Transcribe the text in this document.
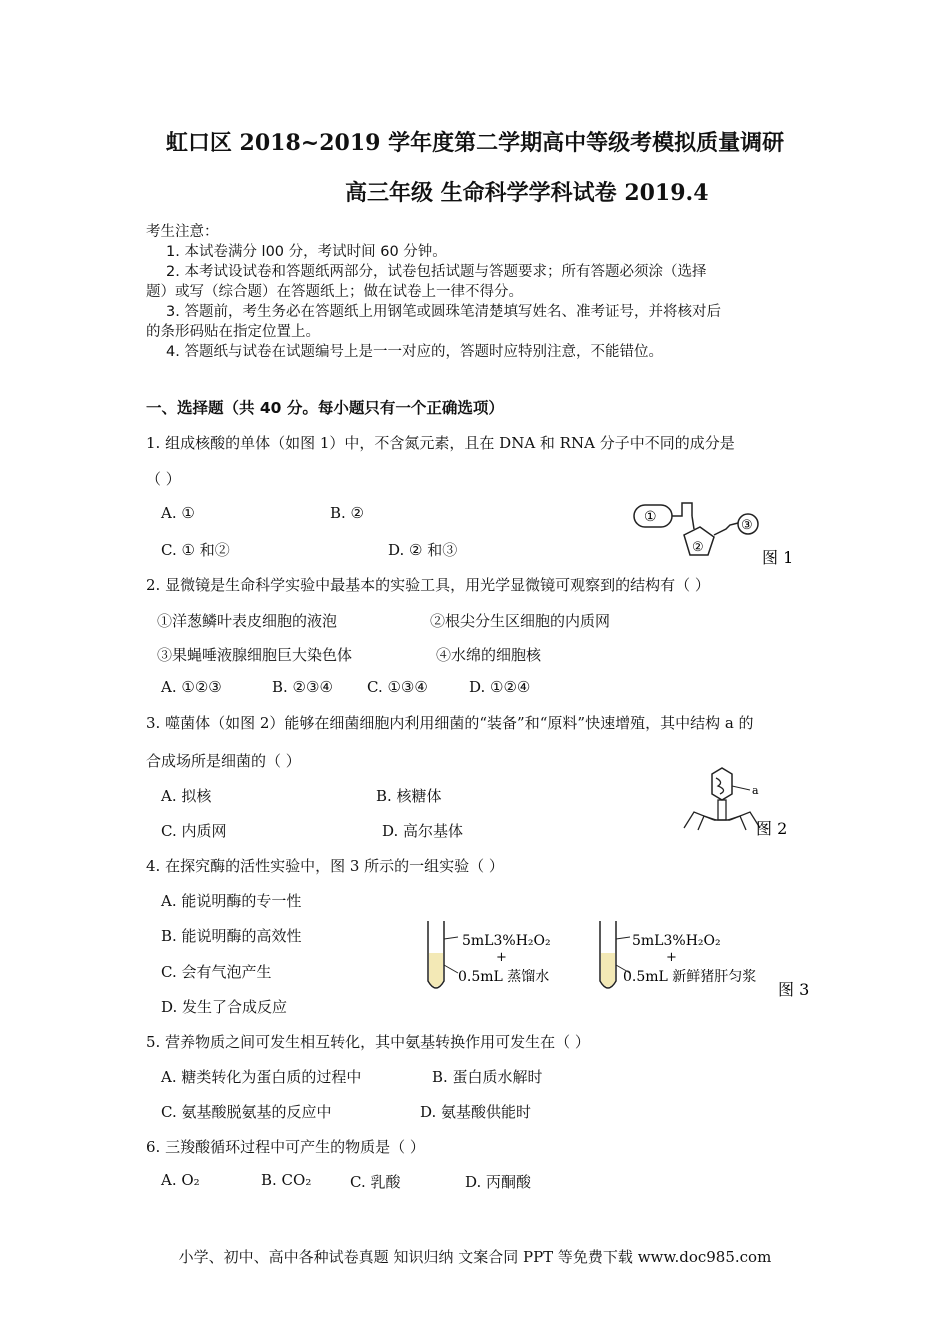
虹口区 2018~2019 学年度第二学期高中等级考模拟质量调研
高三年级 生命科学学科试卷 2019.4
考生注意：
1. 本试卷满分 l00 分，考试时间 60 分钟。
2. 本考试设试卷和答题纸两部分，试卷包括试题与答题要求；所有答题必须涂（选择
题）或写（综合题）在答题纸上；做在试卷上一律不得分。
3. 答题前，考生务必在答题纸上用钢笔或圆珠笔清楚填写姓名、准考证号，并将核对后
的条形码贴在指定位置上。
4. 答题纸与试卷在试题编号上是一一对应的，答题时应特别注意，不能错位。
一、选择题（共 40 分。每小题只有一个正确选项）
1. 组成核酸的单体（如图 1）中，不含氮元素，且在 DNA 和 RNA 分子中不同的成分是
（ ）
A. ①	B. ②
C. ① 和②	D. ② 和③
①
②
③
图 1
2. 显微镜是生命科学实验中最基本的实验工具，用光学显微镜可观察到的结构有（ ）
①洋葱鳞叶表皮细胞的液泡	②根尖分生区细胞的内质网
③果蝇唾液腺细胞巨大染色体	④水绵的细胞核
A. ①②③	B. ②③④ C. ①③④	D. ①②④
3. 噬菌体（如图 2）能够在细菌细胞内利用细菌的“装备”和“原料”快速增殖，其中结构 a 的
合成场所是细菌的（ ）
A. 拟核	B. 核糖体
C. 内质网	D. 高尔基体
a
图 2
4. 在探究酶的活性实验中，图 3 所示的一组实验（ ）
A. 能说明酶的专一性
B. 能说明酶的高效性
C. 会有气泡产生
D. 发生了合成反应
5mL3%H₂O₂
+
0.5mL 蒸馏水
5mL3%H₂O₂
+
0.5mL 新鲜猪肝匀浆
图 3
5. 营养物质之间可发生相互转化，其中氨基转换作用可发生在（ ）
A. 糖类转化为蛋白质的过程中	B. 蛋白质水解时
C. 氨基酸脱氨基的反应中	D. 氨基酸供能时
6. 三羧酸循环过程中可产生的物质是（ ）
A. O₂	B. CO₂	C. 乳酸	D. 丙酮酸
小学、初中、高中各种试卷真题 知识归纳 文案合同 PPT 等免费下载 www.doc985.com
